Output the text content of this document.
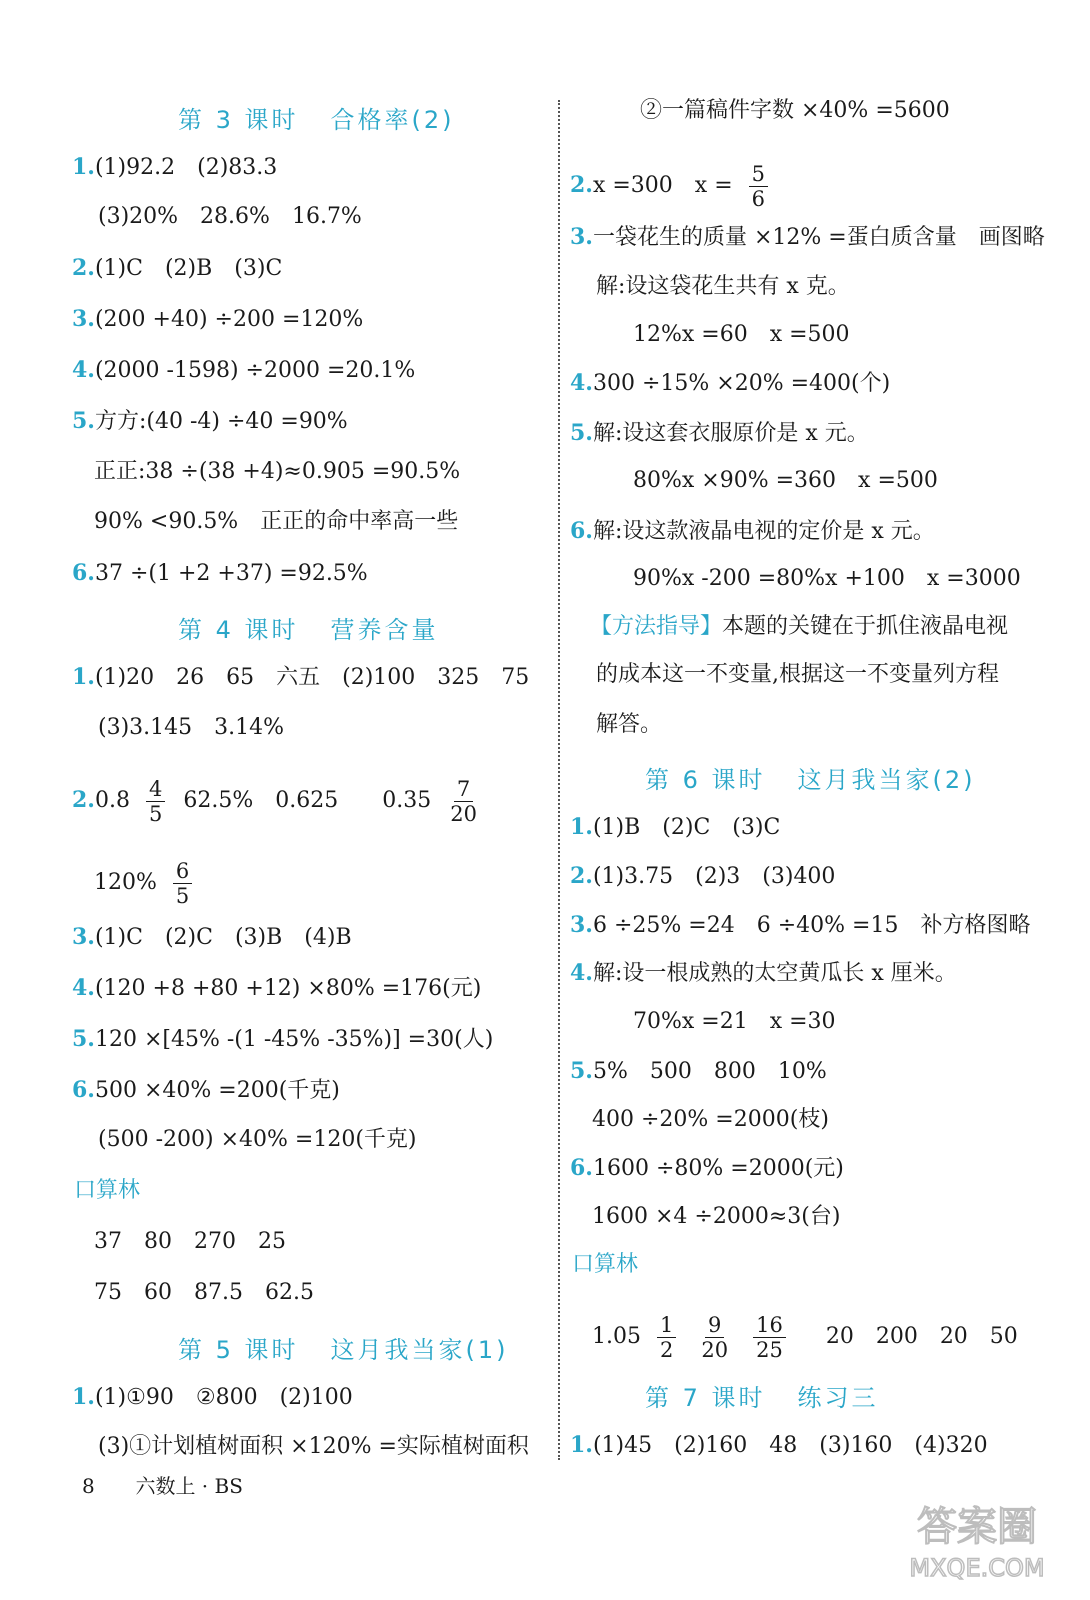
第 3 课时 合格率(2)
1.(1)92.2　(2)83.3
(3)20%　28.6%　16.7%
2.(1)C　(2)B　(3)C
3.(200 +40) ÷200 =120%
4.(2000 -1598) ÷2000 =20.1%
5.方方:(40 -4) ÷40 =90%
正正:38 ÷(38 +4)≈0.905 =90.5%
90% <90.5%　正正的命中率高一些
6.37 ÷(1 +2 +37) =92.5%
第 4 课时 营养含量
1.(1)20　26　65　六五　(2)100　325　75
(3)3.145　3.14%
$2.0.8 \frac{4}{5} 62.5\%$　0.625　　$0.35 \frac{7}{20}$
$120\% \frac{6}{5}$
3.(1)C　(2)C　(3)B　(4)B
4.(120 +8 +80 +12) ×80% =176(元)
5.120 ×[45% -(1 -45% -35%)] =30(人)
6.500 ×40% =200(千克)
(500 -200) ×40% =120(千克)
口算林
37　80　270　25
75　60　87.5　62.5
第 5 课时 这月我当家(1)
1.(1)①90　②800　(2)100
(3)①计划植树面积 ×120% =实际植树面积
②一篇稿件字数 ×40% =5600
2.x =300　$x = \frac{5}{6}$
3.一袋花生的质量 ×12% =蛋白质含量　画图略
解:设这袋花生共有 x 克。
12%x =60　x =500
4.300 ÷15% ×20% =400(个)
5.解:设这套衣服原价是 x 元。
80%x ×90% =360　x =500
6.解:设这款液晶电视的定价是 x 元。
90%x -200 =80%x +100　x =3000
【方法指导】本题的关键在于抓住液晶电视
的成本这一不变量,根据这一不变量列方程
解答。
第 6 课时 这月我当家(2)
1.(1)B　(2)C　(3)C
2.(1)3.75　(2)3　(3)400
3.6 ÷25% =24　6 ÷40% =15　补方格图略
4.解:设一根成熟的太空黄瓜长 x 厘米。
70%x =21　x =30
5.5%　500　800　10%
400 ÷20% =2000(枝)
6.1600 ÷80% =2000(元)
1600 ×4 ÷2000≈3(台)
口算林
$1.05 \frac{1}{2} \frac{9}{20} \frac{16}{25}$ 　20　200　20　50
第 7 课时 练习三
1.(1)45　(2)160　48　(3)160　(4)320
8 六数上 · BS
答案圈
MXQE.COM
